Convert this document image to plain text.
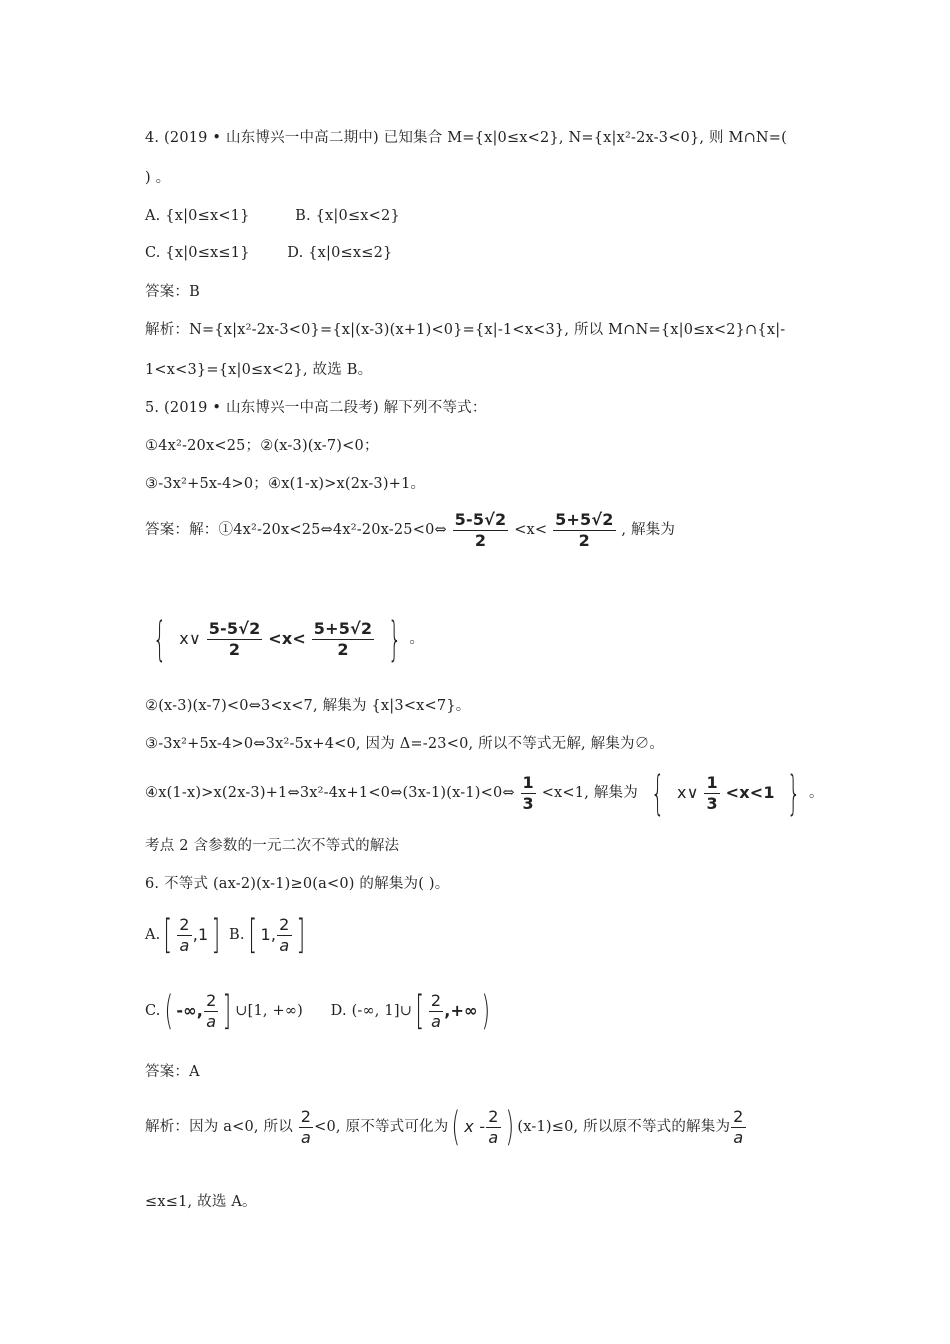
4. (2019 • 山东博兴一中高二期中) 已知集合 M={x|0≤x<2}, N={x|x²-2x-3<0}, 则 M∩N=(
) 。
A. {x|0≤x<1}	B. {x|0≤x<2}
C. {x|0≤x≤1}	D. {x|0≤x≤2}
答案：B
解析：N={x|x²-2x-3<0}={x|(x-3)(x+1)<0}={x|-1<x<3}, 所以 M∩N={x|0≤x<2}∩{x|-
1<x<3}={x|0≤x<2}, 故选 B。
5. (2019 • 山东博兴一中高二段考) 解下列不等式：
①4x²-20x<25；②(x-3)(x-7)<0；
③-3x²+5x-4>0；④x(1-x)>x(2x-3)+1。
答案：解：①4x²-20x<25⇔4x²-20x-25<0⇔ $\frac{5-5√2}{2} <x< \frac{5+5√2}{2}$ , 解集为
{ x∨ $\frac{5-5√2}{2} <x< \frac{5+5√2}{2}$ } 。
②(x-3)(x-7)<0⇔3<x<7, 解集为 {x|3<x<7}。
③-3x²+5x-4>0⇔3x²-5x+4<0, 因为 Δ=-23<0, 所以不等式无解, 解集为∅。
④x(1-x)>x(2x-3)+1⇔3x²-4x+1<0⇔(3x-1)(x-1)<0⇔ $\frac{1}{3} <x<1$, 解集为 { x∨ $\frac{1}{3} <x<1$ } 。
考点 2 含参数的一元二次不等式的解法
6. 不等式 (ax-2)(x-1)≥0(a<0) 的解集为( )。
$A.[ \frac{2}{a} ,1]$ B.[ 1, $\frac{2}{a}$ ]
C.( -∞, $\frac{2}{a}$ ] ∪[1, +∞) D. (-∞, 1]∪[ $\frac{2}{a}$ ,+∞)
答案：A
解析：因为 a<0, 所以 $\frac{2}{a} <0$, 原不等式可化为( x - $\frac{2}{a}$ ) (x-1)≤0, 所以原不等式的解集为 $\frac{2}{a}$
≤x≤1, 故选 A。
